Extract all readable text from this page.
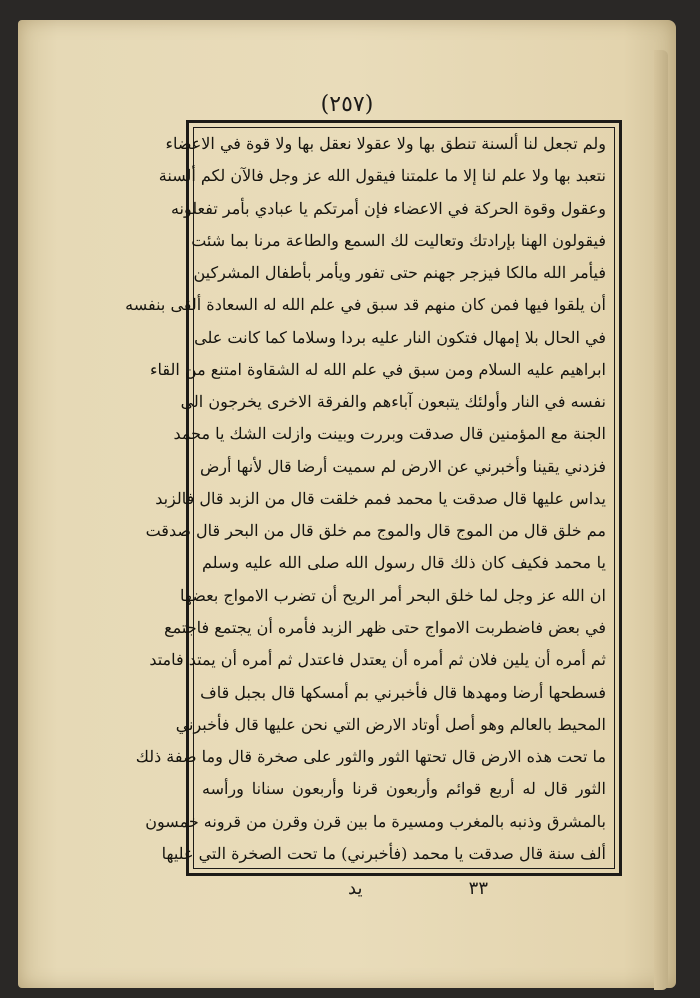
(٢٥٧)
ولم تجعل لنا ألسنة تنطق بها ولا عقولا نعقل بها ولا قوة في الاعضاء
نتعبد بها ولا علم لنا إلا ما علمتنا فيقول الله عز وجل فالآن لكم ألسنة
وعقول وقوة الحركة في الاعضاء فإن أمرتكم يا عبادي بأمر تفعلونه
فيقولون الهنا بإرادتك وتعاليت لك السمع والطاعة مرنا بما شئت
فيأمر الله مالكا فيزجر جهنم حتى تفور ويأمر بأطفال المشركين
أن يلقوا فيها فمن كان منهم قد سبق في علم الله له السعادة ألقى بنفسه
في الحال بلا إمهال فتكون النار عليه بردا وسلاما كما كانت على
ابراهيم عليه السلام ومن سبق في علم الله له الشقاوة امتنع من القاء
نفسه في النار وأولئك يتبعون آباءهم والفرقة الاخرى يخرجون الى
الجنة مع المؤمنين قال صدقت وبررت وبينت وازلت الشك يا محمد
فزدني يقينا وأخبرني عن الارض لم سميت أرضا قال لأنها أرض
يداس عليها قال صدقت يا محمد فمم خلقت قال من الزبد قال فالزبد
مم خلق قال من الموج قال والموج مم خلق قال من البحر قال صدقت
يا محمد فكيف كان ذلك قال رسول الله صلى الله عليه وسلم
ان الله عز وجل لما خلق البحر أمر الريح أن تضرب الامواج بعضها
في بعض فاضطربت الامواج حتى ظهر الزبد فأمره أن يجتمع فاجتمع
ثم أمره أن يلين فلان ثم أمره أن يعتدل فاعتدل ثم أمره أن يمتد فامتد
فسطحها أرضا ومهدها قال فأخبرني بم أمسكها قال بجبل قاف
المحيط بالعالم وهو أصل أوتاد الارض التي نحن عليها قال فأخبرني
ما تحت هذه الارض قال تحتها الثور والثور على صخرة قال وما صفة ذلك
الثور قال له أربع قوائم وأربعون قرنا وأربعون سنانا ورأسه
بالمشرق وذنبه بالمغرب ومسيرة ما بين قرن وقرن من قرونه خمسون
ألف سنة قال صدقت يا محمد (فأخبرني) ما تحت الصخرة التي عليها
٣٣
يد
